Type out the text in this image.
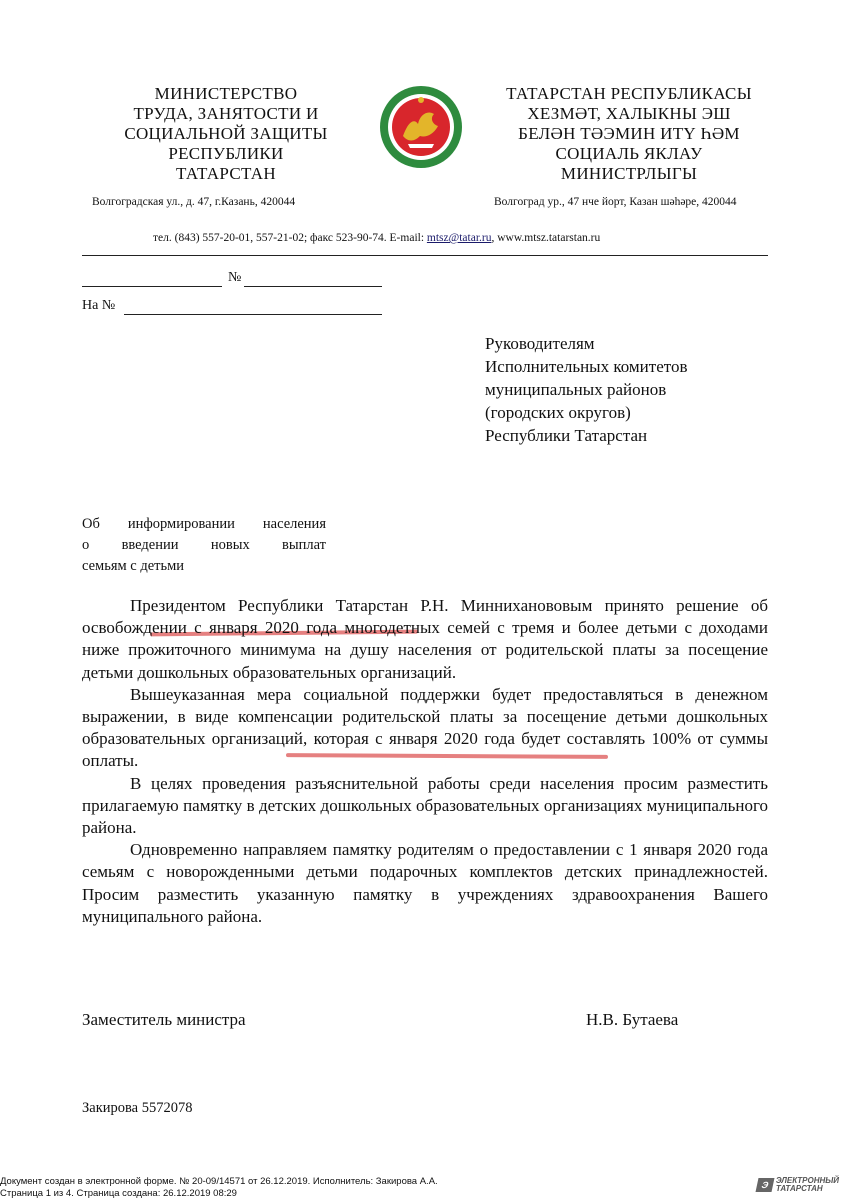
МИНИСТЕРСТВО
ТРУДА, ЗАНЯТОСТИ И
СОЦИАЛЬНОЙ ЗАЩИТЫ
РЕСПУБЛИКИ
ТАТАРСТАН
ТАТАРСТАН РЕСПУБЛИКАСЫ
ХЕЗМӘТ, ХАЛЫКНЫ ЭШ
БЕЛӘН ТӘЭМИН ИТҮ ҺӘМ
СОЦИАЛЬ ЯКЛАУ
МИНИСТРЛЫГЫ
Волгоградская ул., д. 47, г.Казань, 420044	Волгоград ур., 47 нче йорт, Казан шәһәре, 420044
тел. (843) 557-20-01, 557-21-02; факс 523-90-74. E-mail: mtsz@tatar.ru, www.mtsz.tatarstan.ru
№
На №
Руководителям
Исполнительных комитетов
муниципальных районов
(городских округов)
Республики Татарстан
Об информировании населения
о введении новых выплат
семьям с детьми

Президентом Республики Татарстан Р.Н. Минниханововым принято решение об освобождении с января 2020 года многодетных семей с тремя и более детьми с доходами ниже прожиточного минимума на душу населения от родительской платы за посещение детьми дошкольных образовательных организаций.

Вышеуказанная мера социальной поддержки будет предоставляться в денежном выражении, в виде компенсации родительской платы за посещение детьми дошкольных образовательных организаций, которая с января 2020 года будет составлять 100% от суммы оплаты.

В целях проведения разъяснительной работы среди населения просим разместить прилагаемую памятку в детских дошкольных образовательных организациях муниципального района.

Одновременно направляем памятку родителям о предоставлении с 1 января 2020 года семьям с новорожденными детьми подарочных комплектов детских принадлежностей. Просим разместить указанную памятку в учреждениях здравоохранения Вашего муниципального района.

Заместитель министра	Н.В. Бутаева
Закирова 5572078
Документ создан в электронной форме. № 20-09/14571 от 26.12.2019. Исполнитель: Закирова А.А.
Страница 1 из 4. Страница создана: 26.12.2019 08:29
Э ЭЛЕКТРОННЫЙ
ТАТАРСТАН
